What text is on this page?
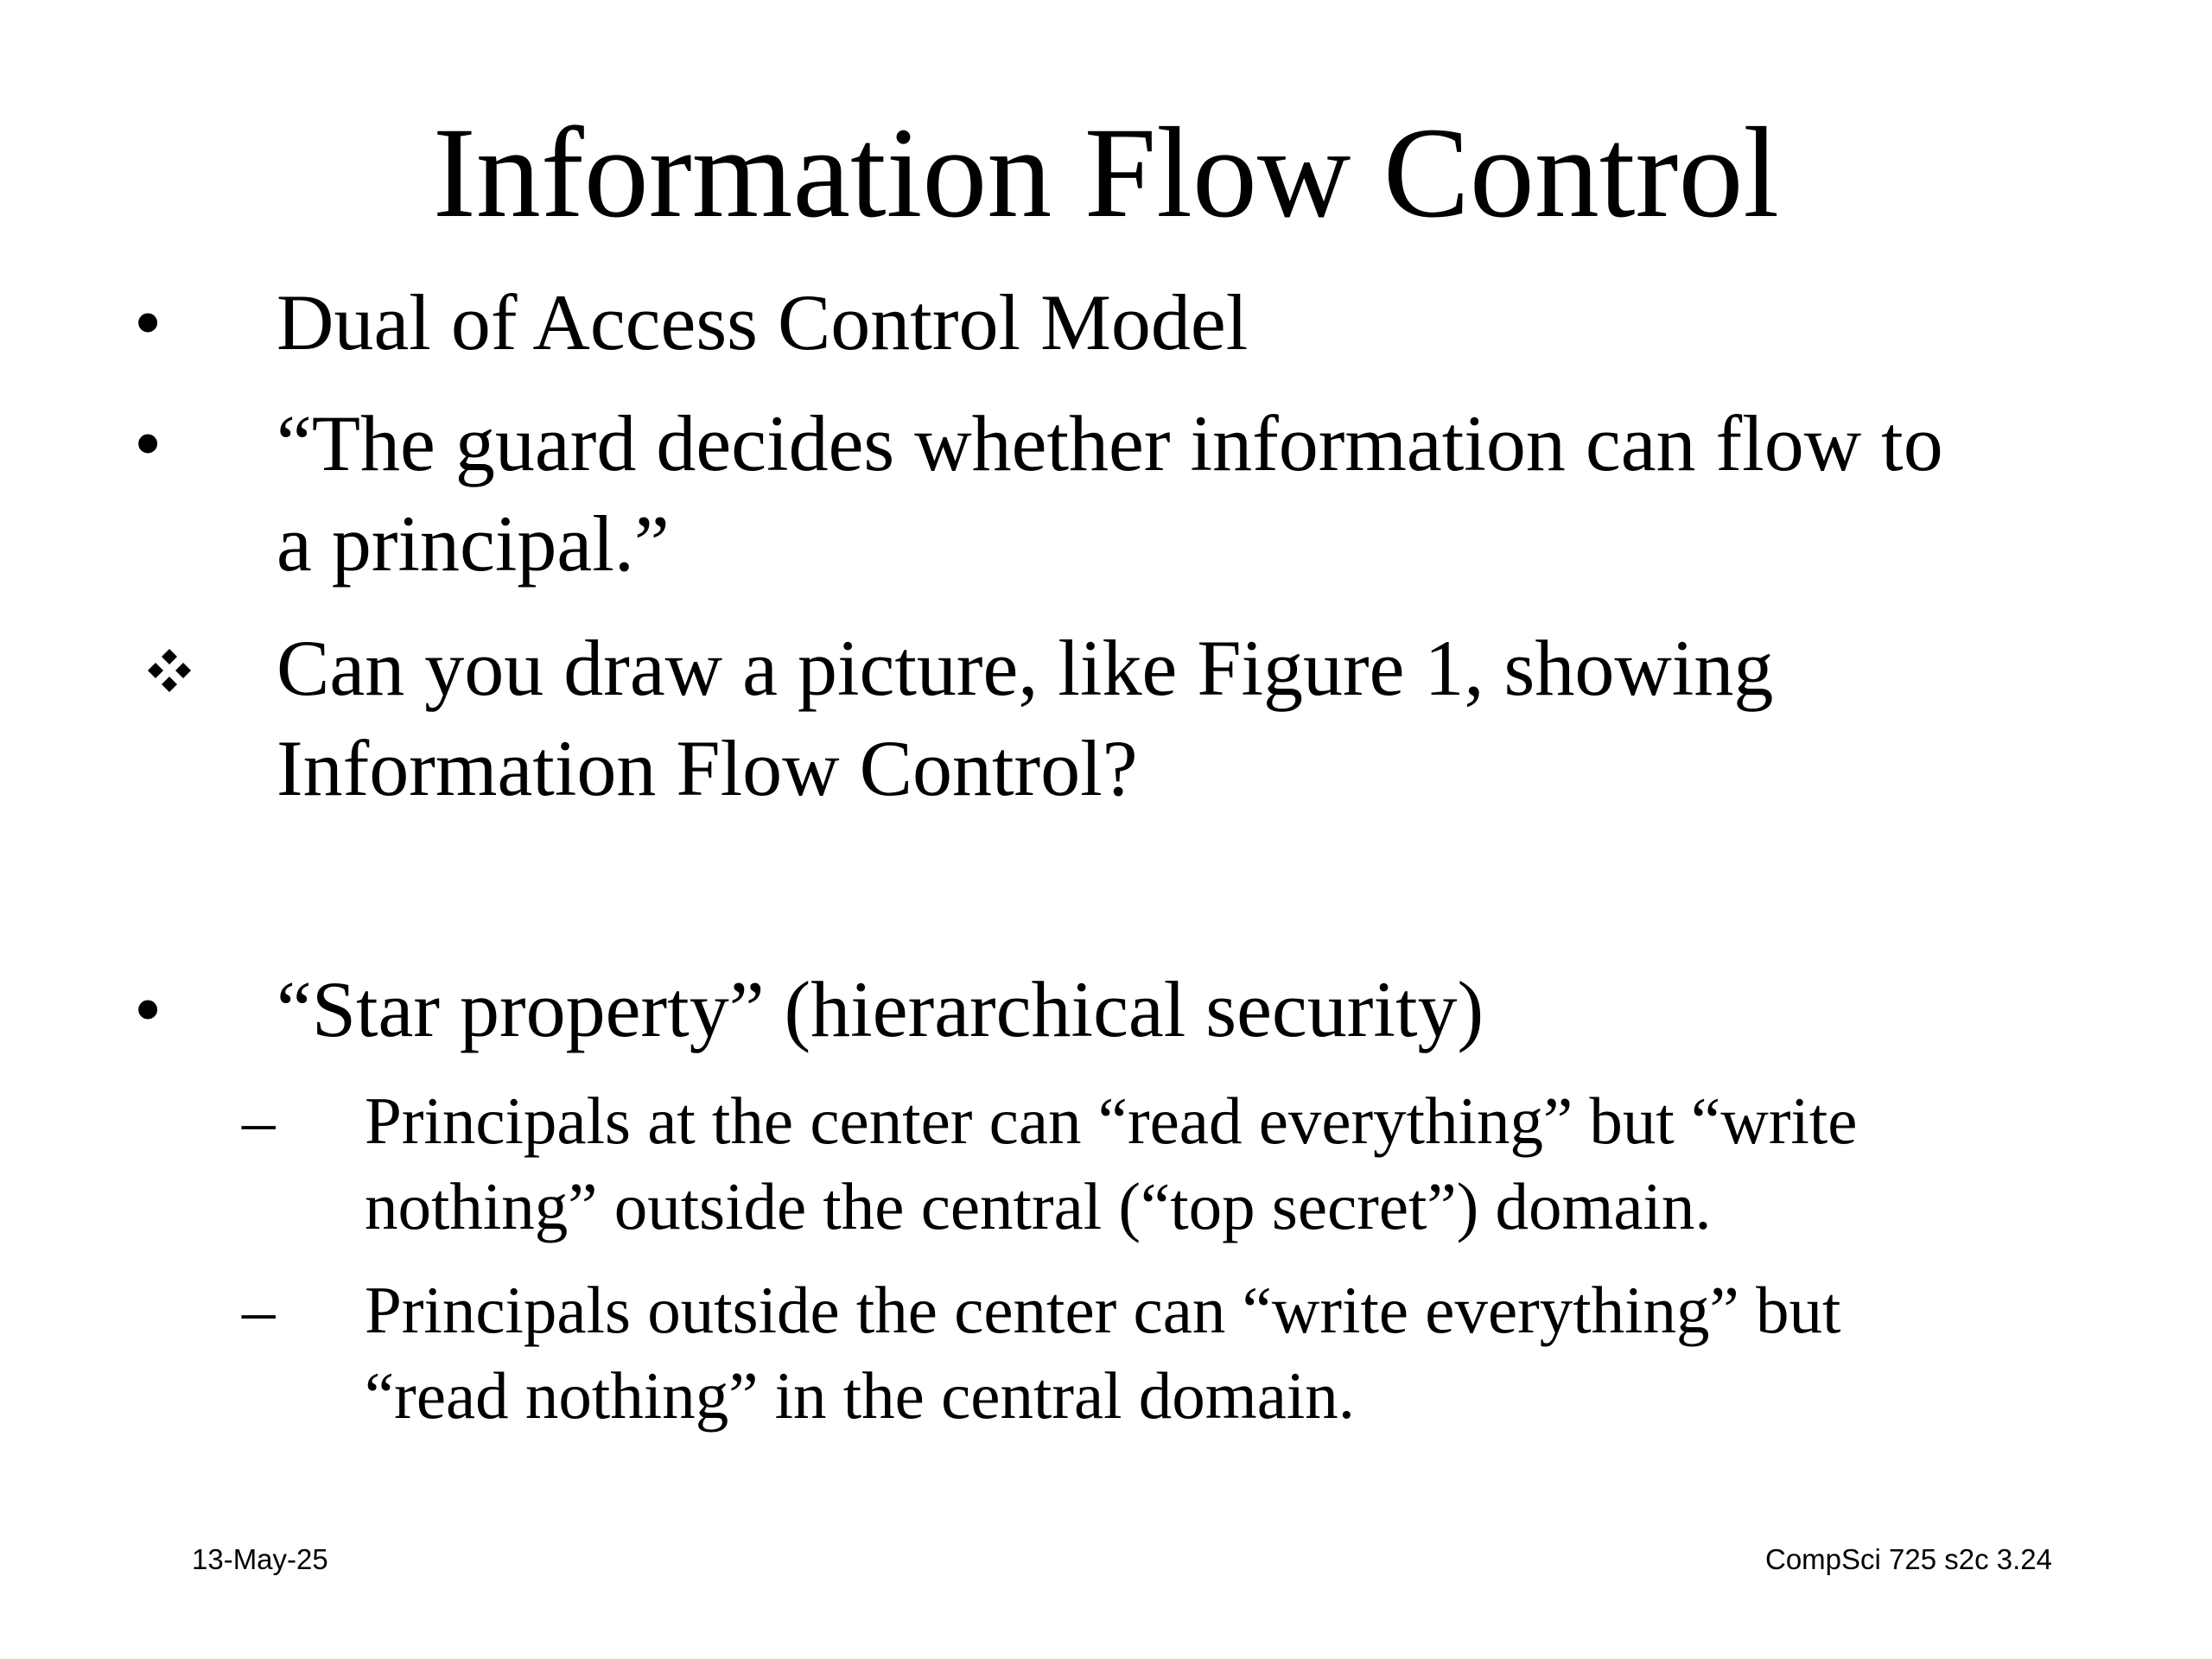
Information Flow Control
• Dual of Access Control Model
• “The guard decides whether information can flow to
a principal.”
Can you draw a picture, like Figure 1, showing
Information Flow Control?
• “Star property” (hierarchical security)
– Principals at the center can “read everything” but “write
nothing” outside the central (“top secret”) domain.
– Principals outside the center can “write everything” but
“read nothing” in the central domain.
13-May-25	CompSci 725 s2c 3.24
